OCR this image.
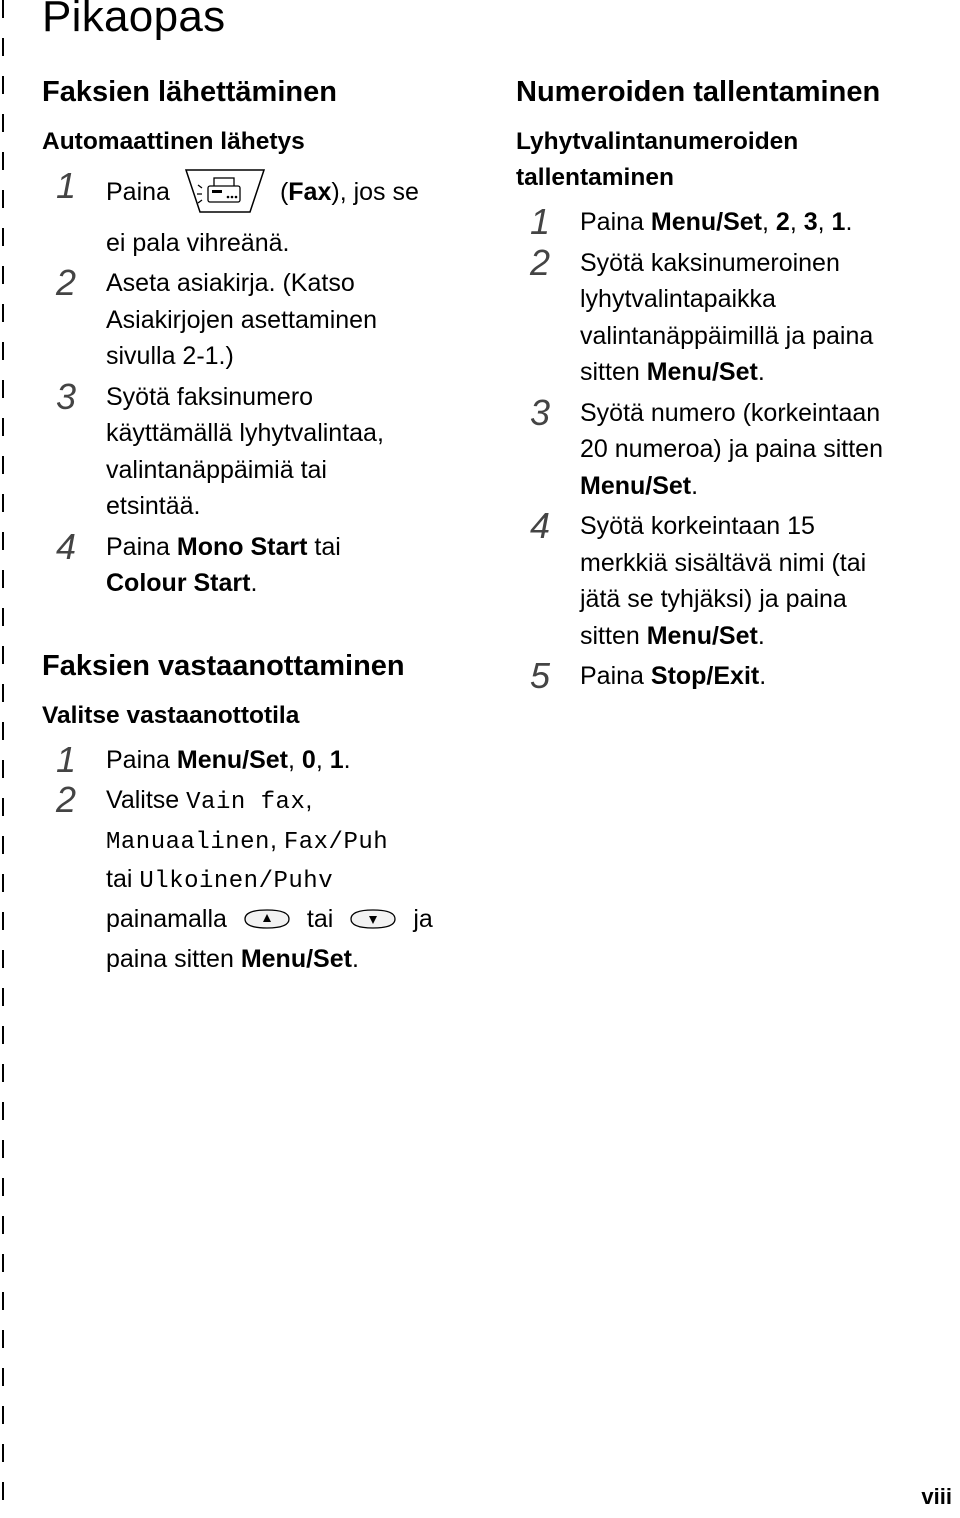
Pikaopas
Faksien lähettäminen
Automaattinen lähetys
1 Paina	(Fax), jos se
ei pala vihreänä.
2 Aseta asiakirja. (Katso
Asiakirjojen asettaminen
sivulla 2-1.)
3 Syötä faksinumero
käyttämällä lyhytvalintaa,
valintanäppäimiä tai
etsintää.
4 Paina Mono Start tai
Colour Start.
Faksien vastaanottaminen
Valitse vastaanottotila
1 Paina Menu/Set, 0, 1.
2 Valitse Vain fax,
Manuaalinen, Fax/Puh
tai Ulkoinen/Puhv
painamalla	tai	ja
paina sitten Menu/Set.
Numeroiden tallentaminen
Lyhytvalintanumeroiden
tallentaminen
1 Paina Menu/Set, 2, 3, 1.
2 Syötä kaksinumeroinen
lyhytvalintapaikka
valintanäppäimillä ja paina
sitten Menu/Set.
3 Syötä numero (korkeintaan
20 numeroa) ja paina sitten
Menu/Set.
4 Syötä korkeintaan 15
merkkiä sisältävä nimi (tai
jätä se tyhjäksi) ja paina
sitten Menu/Set.
5 Paina Stop/Exit.
viii
